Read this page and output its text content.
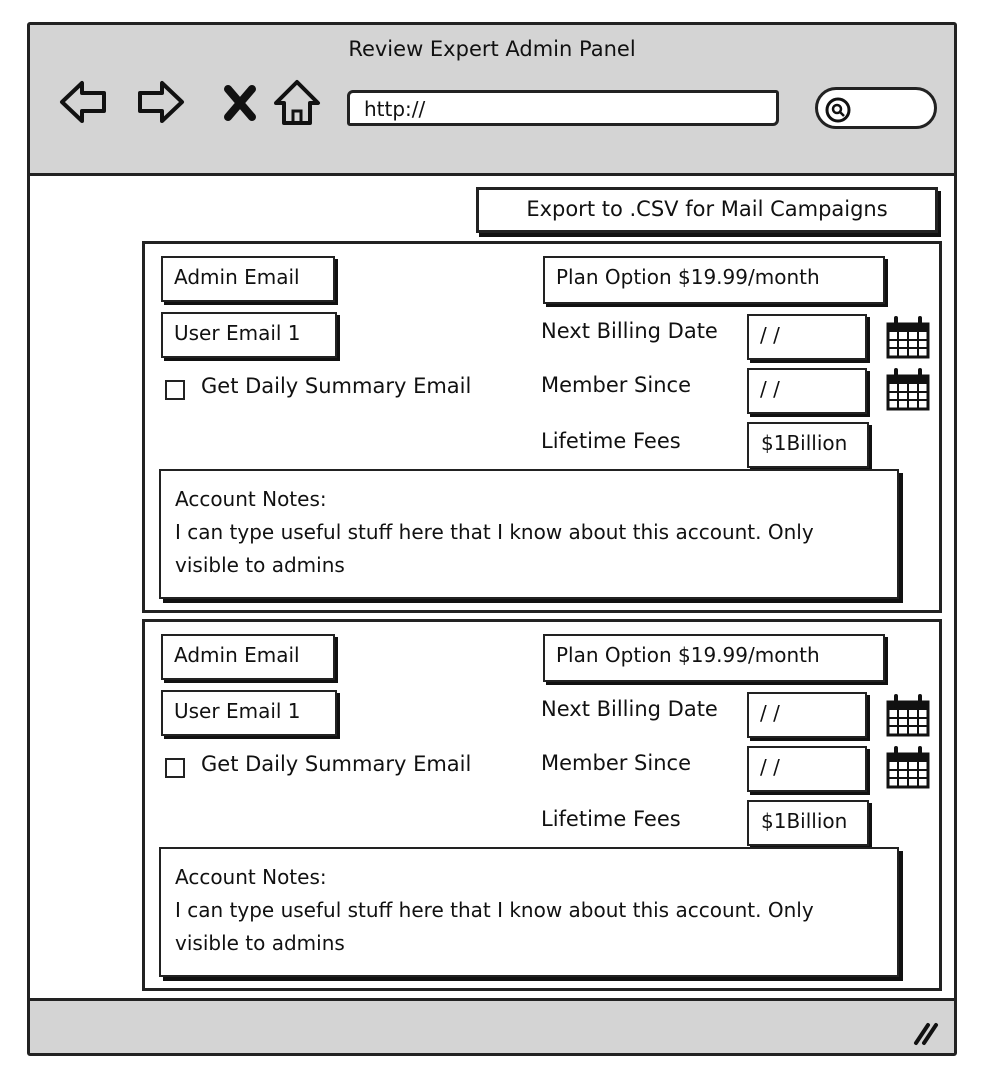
Review Expert Admin Panel
http://
Export to .CSV for Mail Campaigns
Admin Email
User Email 1
Get Daily Summary Email
Plan Option $19.99/month
Next Billing Date	/ /
Member Since	/ /
Lifetime Fees	$1Billion
Account Notes:
I can type useful stuff here that I know about this account. Only visible to admins
Admin Email
User Email 1
Get Daily Summary Email
Plan Option $19.99/month
Next Billing Date	/ /
Member Since	/ /
Lifetime Fees	$1Billion
Account Notes:
I can type useful stuff here that I know about this account. Only visible to admins
